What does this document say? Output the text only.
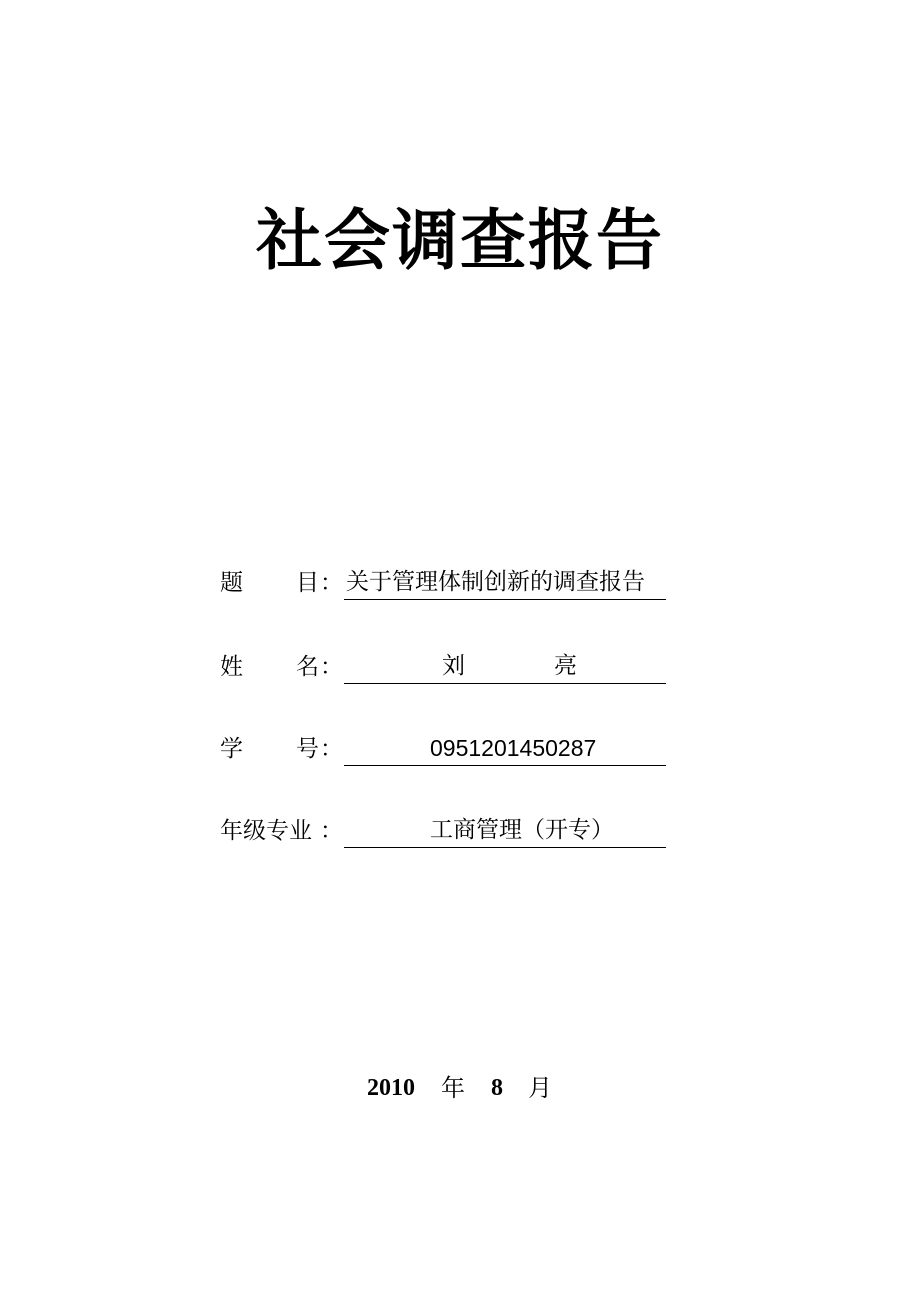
社会调查报告
题 目 ： 关于管理体制创新的调查报告
姓 名 ：	刘	亮
学 号 ：	0951201450287
年级专业 ：	工商管理（开专）
2010 年 8 月
